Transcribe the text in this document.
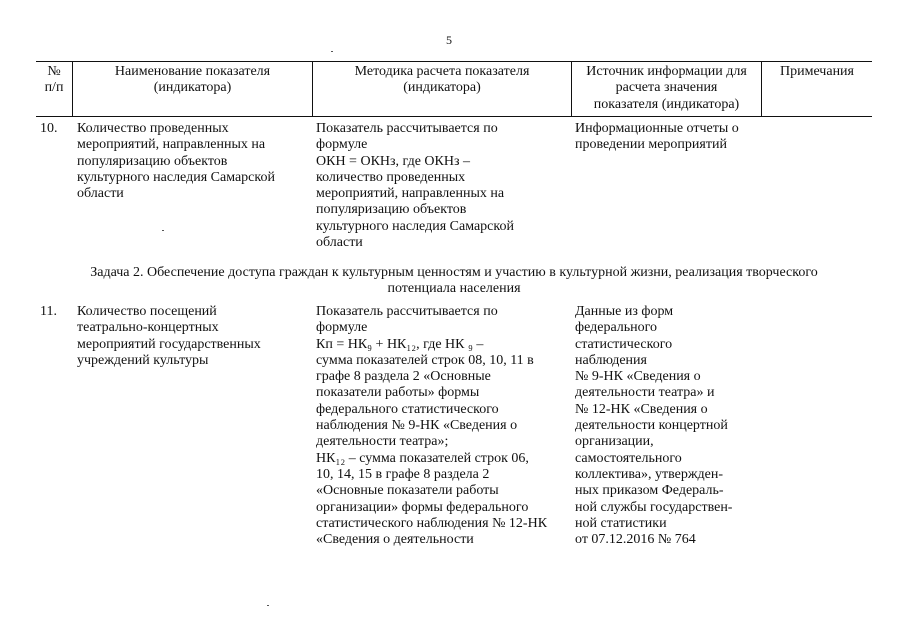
5
№
п/п
Наименование показателя
(индикатора)
Методика расчета показателя
(индикатора)
Источник информации для
расчета значения
показателя (индикатора)
Примечания
10. Количество проведенных
мероприятий, направленных на
популяризацию объектов
культурного наследия Самарской
области
Показатель рассчитывается по
формуле
ОКН = ОКНз, где ОКНз –
количество проведенных
мероприятий, направленных на
популяризацию объектов
культурного наследия Самарской
области
Информационные отчеты о
проведении мероприятий
Задача 2. Обеспечение доступа граждан к культурным ценностям и участию в культурной жизни, реализация творческого
потенциала населения
11. Количество посещений
театрально-концертных
мероприятий государственных
учреждений культуры
Показатель рассчитывается по
формуле
Кп = НК₉ + НК₁₂, где НК ₉ –
сумма показателей строк 08, 10, 11 в
графе 8 раздела 2 «Основные
показатели работы» формы
федерального статистического
наблюдения № 9-НК «Сведения о
деятельности театра»;
НК₁₂ – сумма показателей строк 06,
10, 14, 15 в графе 8 раздела 2
«Основные показатели работы
организации» формы федерального
статистического наблюдения № 12-НК
«Сведения о деятельности
Данные из форм
федерального
статистического
наблюдения
№ 9-НК «Сведения о
деятельности театра» и
№ 12-НК «Сведения о
деятельности концертной
организации,
самостоятельного
коллектива», утвержден-
ных приказом Федераль-
ной службы государствен-
ной статистики
от 07.12.2016 № 764
